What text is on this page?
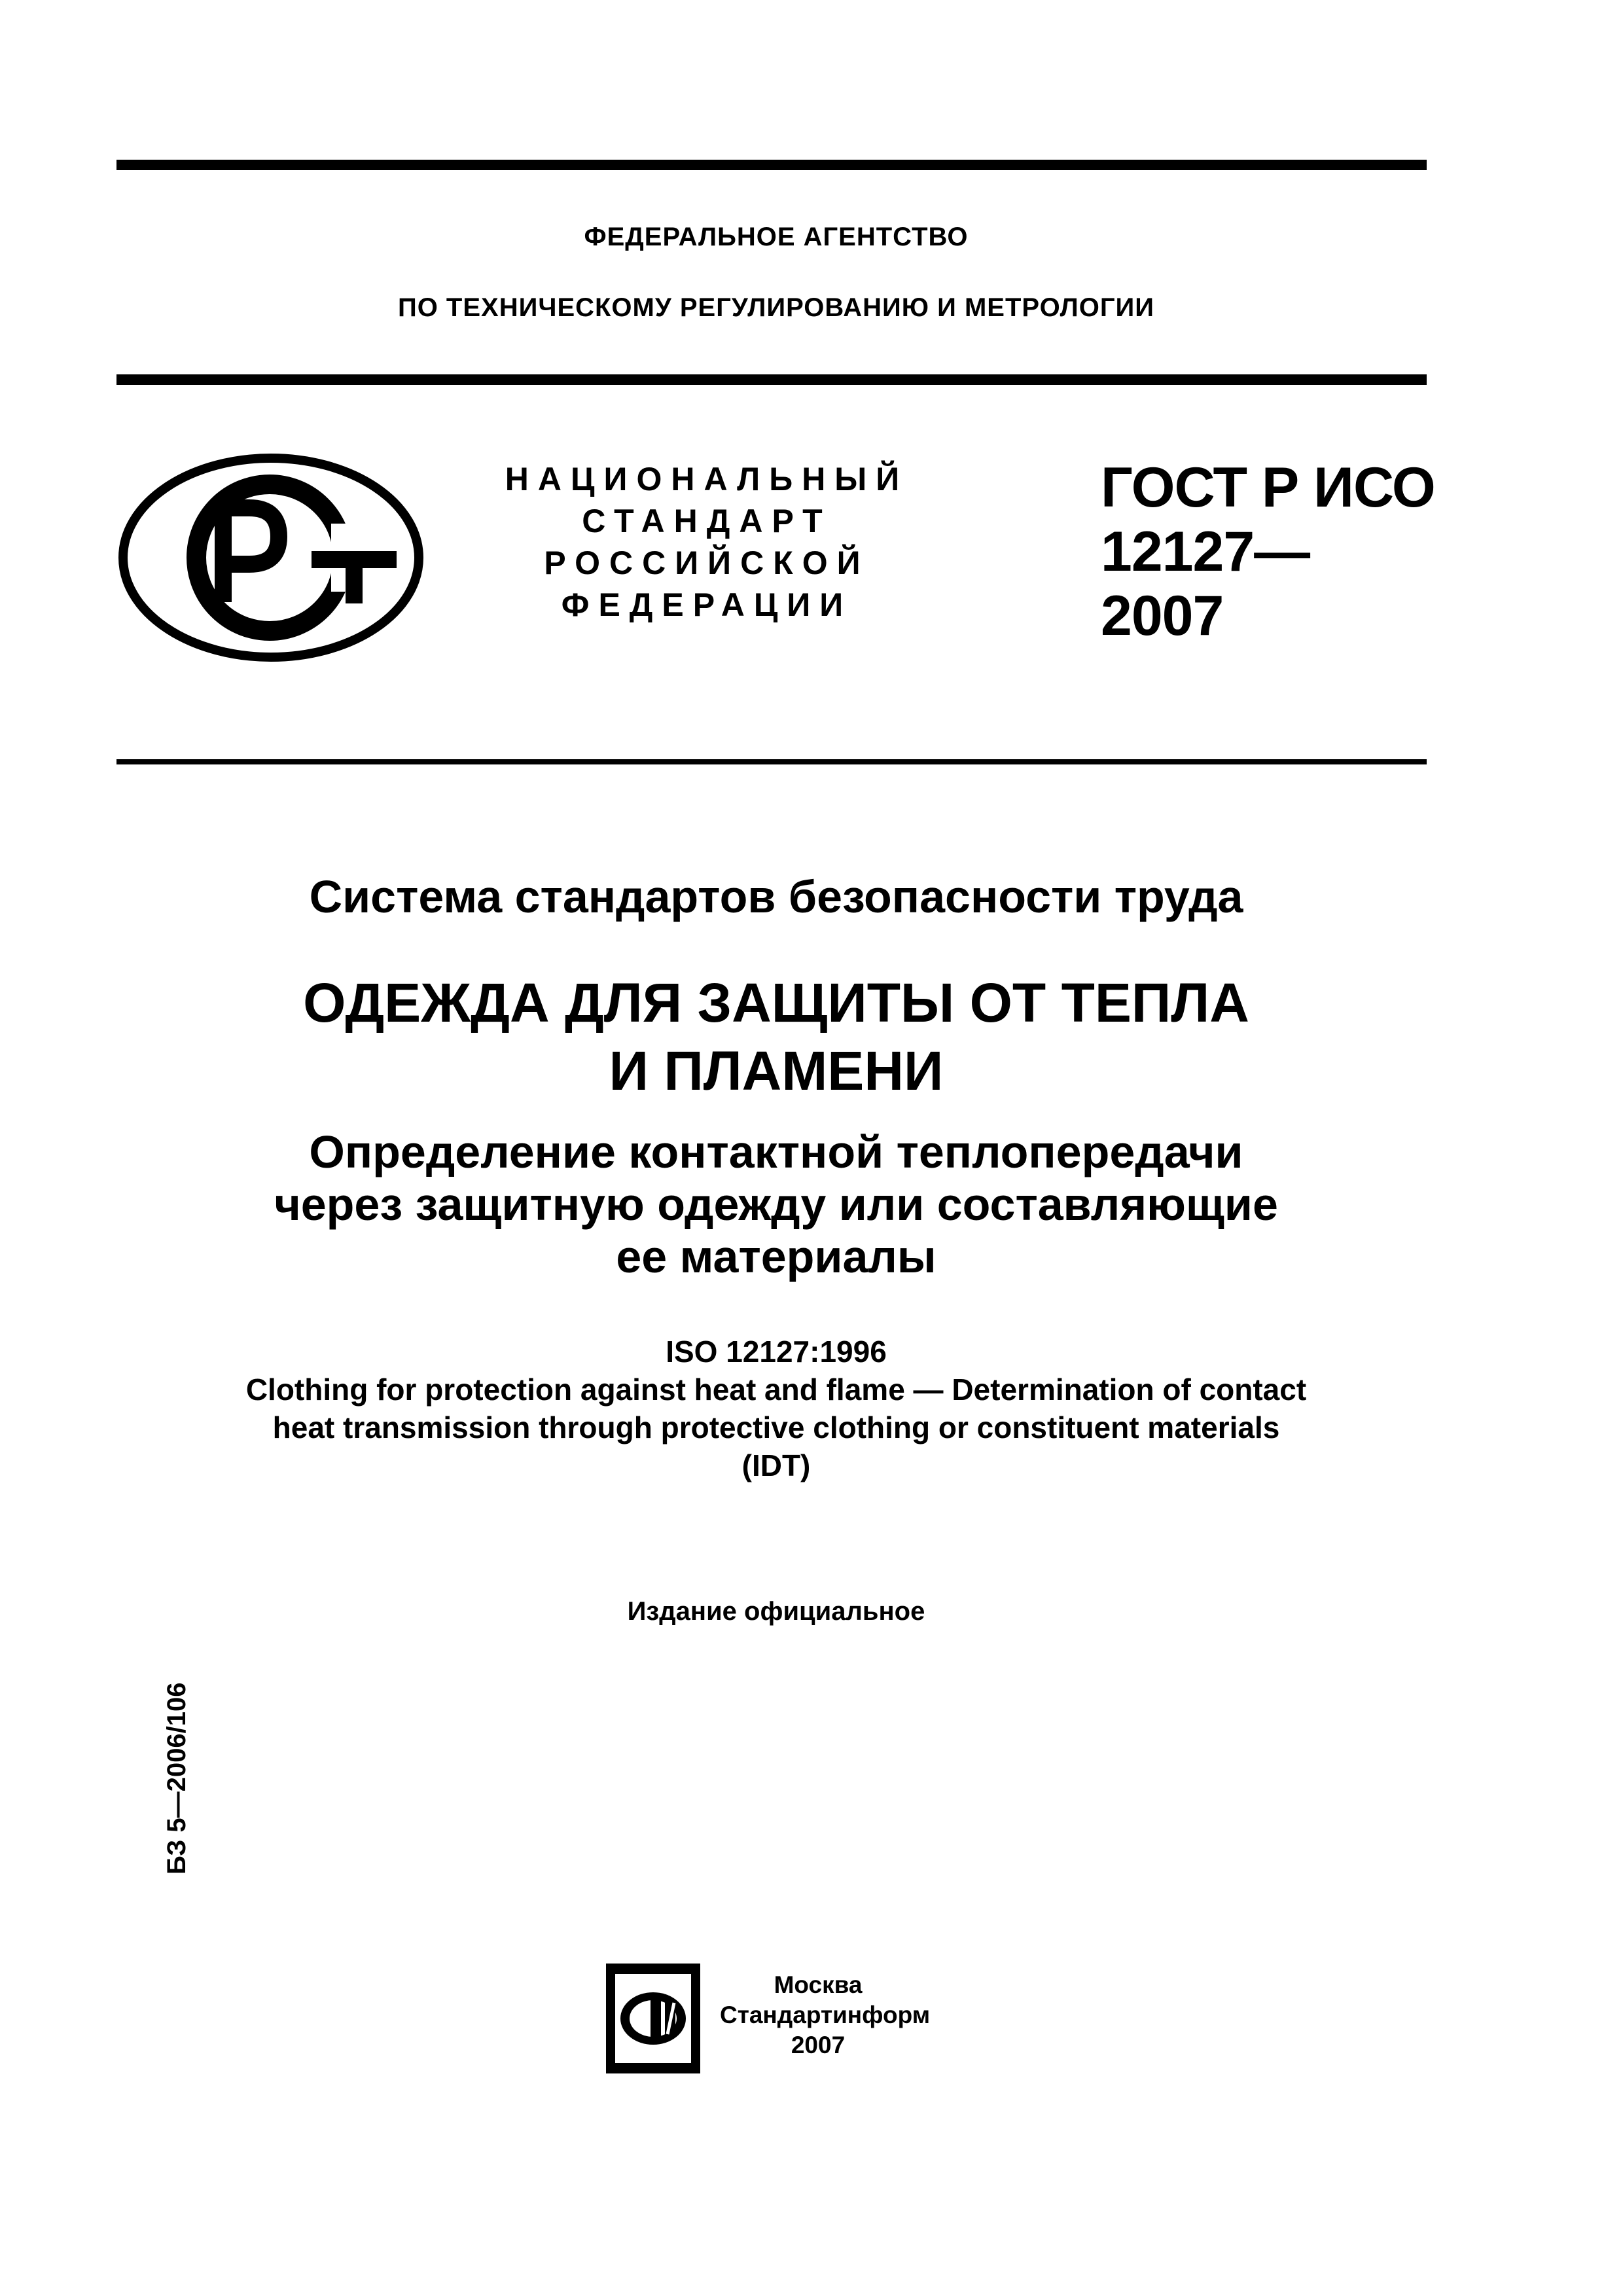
ФЕДЕРАЛЬНОЕ АГЕНТСТВО
ПО ТЕХНИЧЕСКОМУ РЕГУЛИРОВАНИЮ И МЕТРОЛОГИИ
НАЦИОНАЛЬНЫЙ
СТАНДАРТ
РОССИЙСКОЙ
ФЕДЕРАЦИИ
ГОСТ Р ИСО
12127—
2007
Система стандартов безопасности труда
ОДЕЖДА ДЛЯ ЗАЩИТЫ ОТ ТЕПЛА
И ПЛАМЕНИ
Определение контактной теплопередачи
через защитную одежду или составляющие
ее материалы
ISO 12127:1996
Clothing for protection against heat and flame — Determination of contact
heat transmission through protective clothing or constituent materials
(IDT)
Издание официальное
БЗ 5—2006/106
Москва
Стандартинформ
2007
